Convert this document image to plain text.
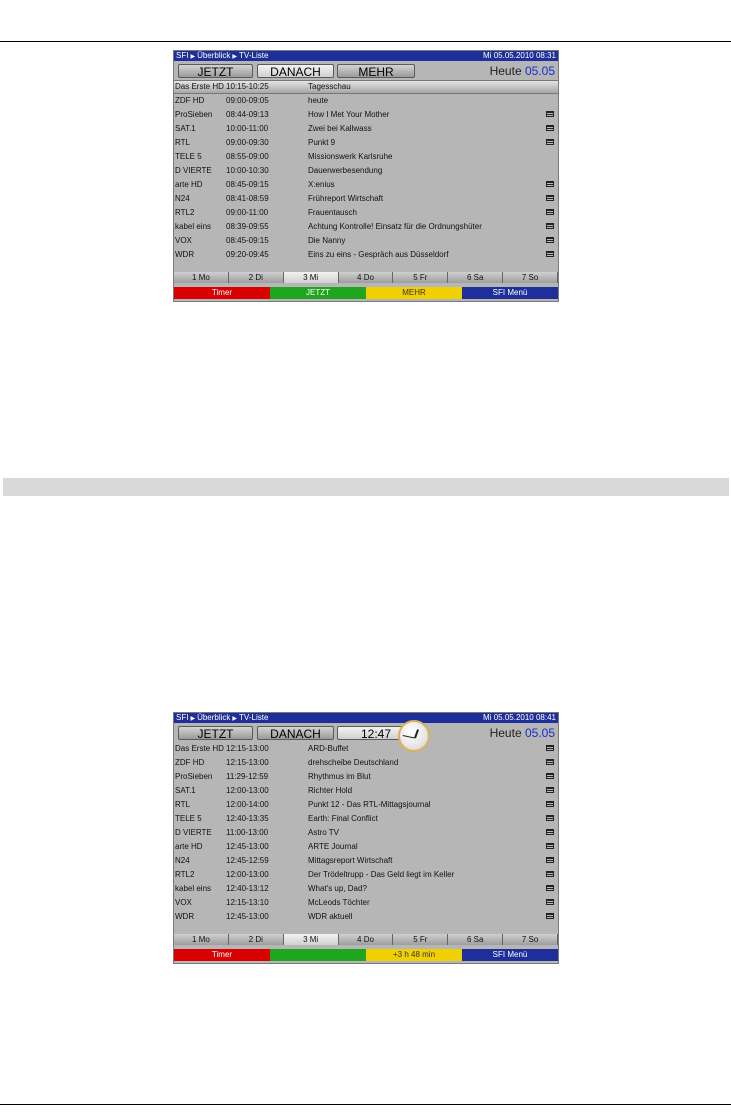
SFI ▶ Überblick ▶ TV-Liste	Mi 05.05.2010 08:31
JETZT	DANACH	MEHR	Heute 05.05
Das Erste HD 10:15-10:25	Tagesschau
ZDF HD	09:00-09:05	heute
ProSieben 08:44-09:13	How I Met Your Mother
SAT.1	10:00-11:00	Zwei bei Kallwass
RTL	09:00-09:30	Punkt 9
TELE 5	08:55-09:00	Missionswerk Karlsruhe
D VIERTE 10:00-10:30	Dauerwerbesendung
arte HD	08:45-09:15	X:enius
N24	08:41-08:59	Frühreport Wirtschaft
RTL2	09:00-11:00	Frauentausch
kabel eins 08:39-09:55	Achtung Kontrolle! Einsatz für die Ordnungshüter
VOX	08:45-09:15	Die Nanny
WDR	09:20-09:45	Eins zu eins - Gespräch aus Düsseldorf
1 Mo	2 Di	3 Mi	4 Do	5 Fr	6 Sa	7 So
Timer	JETZT	MEHR	SFI Menü
SFI ▶ Überblick ▶ TV-Liste	Mi 05.05.2010 08:41
JETZT	DANACH	12:47	Heute 05.05
Das Erste HD 12:15-13:00	ARD-Buffet
ZDF HD	12:15-13:00	drehscheibe Deutschland
ProSieben 11:29-12:59	Rhythmus im Blut
SAT.1	12:00-13:00	Richter Hold
RTL	12:00-14:00	Punkt 12 - Das RTL-Mittagsjournal
TELE 5	12:40-13:35	Earth: Final Conflict
D VIERTE 11:00-13:00	Astro TV
arte HD	12:45-13:00	ARTE Journal
N24	12:45-12:59	Mittagsreport Wirtschaft
RTL2	12:00-13:00	Der Trödeltrupp - Das Geld liegt im Keller
kabel eins 12:40-13:12	What's up, Dad?
VOX	12:15-13:10	McLeods Töchter
WDR	12:45-13:00	WDR aktuell
1 Mo	2 Di	3 Mi	4 Do	5 Fr	6 Sa	7 So
Timer	+3 h 48 min	SFI Menü
